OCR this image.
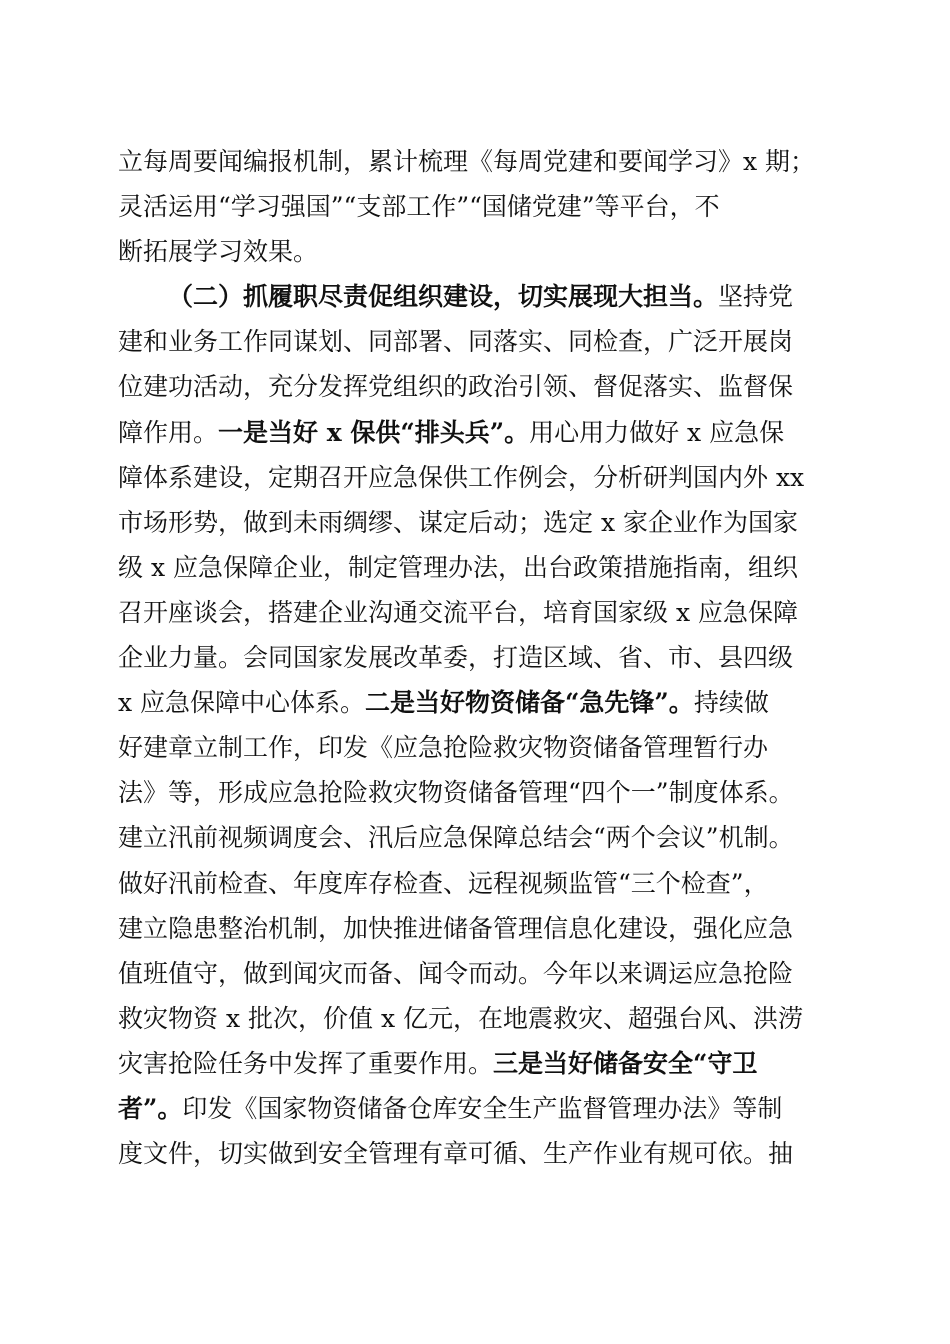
立每周要闻编报机制，累计梳理《每周党建和要闻学习》x 期；
灵活运用“学习强国”“支部工作”“国储党建”等平台，不
断拓展学习效果。
（二）抓履职尽责促组织建设，切实展现大担当。坚持党
建和业务工作同谋划、同部署、同落实、同检查，广泛开展岗
位建功活动，充分发挥党组织的政治引领、督促落实、监督保
障作用。一是当好 x 保供“排头兵”。用心用力做好 x 应急保
障体系建设，定期召开应急保供工作例会，分析研判国内外 xx
市场形势，做到未雨绸缪、谋定后动；选定 x 家企业作为国家
级 x 应急保障企业，制定管理办法，出台政策措施指南，组织
召开座谈会，搭建企业沟通交流平台，培育国家级 x 应急保障
企业力量。会同国家发展改革委，打造区域、省、市、县四级
x 应急保障中心体系。二是当好物资储备“急先锋”。持续做
好建章立制工作，印发《应急抢险救灾物资储备管理暂行办
法》等，形成应急抢险救灾物资储备管理“四个一”制度体系。
建立汛前视频调度会、汛后应急保障总结会“两个会议”机制。
做好汛前检查、年度库存检查、远程视频监管“三个检查”，
建立隐患整治机制，加快推进储备管理信息化建设，强化应急
值班值守，做到闻灾而备、闻令而动。今年以来调运应急抢险
救灾物资 x 批次，价值 x 亿元，在地震救灾、超强台风、洪涝
灾害抢险任务中发挥了重要作用。三是当好储备安全“守卫
者”。印发《国家物资储备仓库安全生产监督管理办法》等制
度文件，切实做到安全管理有章可循、生产作业有规可依。抽
